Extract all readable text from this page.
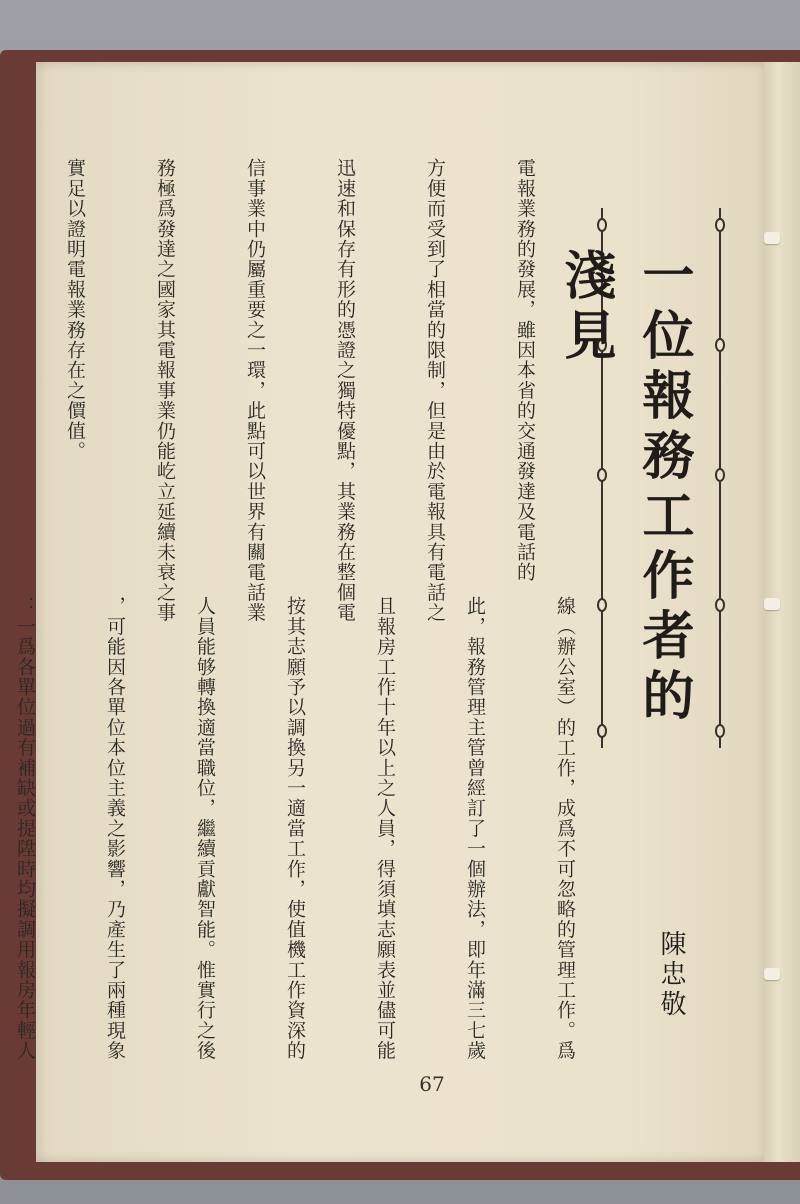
一位報務工作者的淺見

電報業務的發展，雖因本省的交通發達及電話的

方便而受到了相當的限制，但是由於電報具有電話之

迅速和保存有形的憑證之獨特優點，其業務在整個電

信事業中仍屬重要之一環，此點可以世界有關電話業

務極爲發達之國家其電報事業仍能屹立延續未衰之事

實足以證明電報業務存在之價值。

線（辦公室）的工作，成爲不可忽略的管理工作。爲

此，報務管理主管曾經訂了一個辦法，即年滿三七歲

且報房工作十年以上之人員，得須填志願表並儘可能

按其志願予以調換另一適當工作，使值機工作資深的

人員能够轉換適當職位，繼續貢獻智能。惟實行之後

，可能因各單位本位主義之影響，乃產生了兩種現象

：一爲各單位過有補缺或提陞時均擬調用報房年輕人

	陳忠敬
67
